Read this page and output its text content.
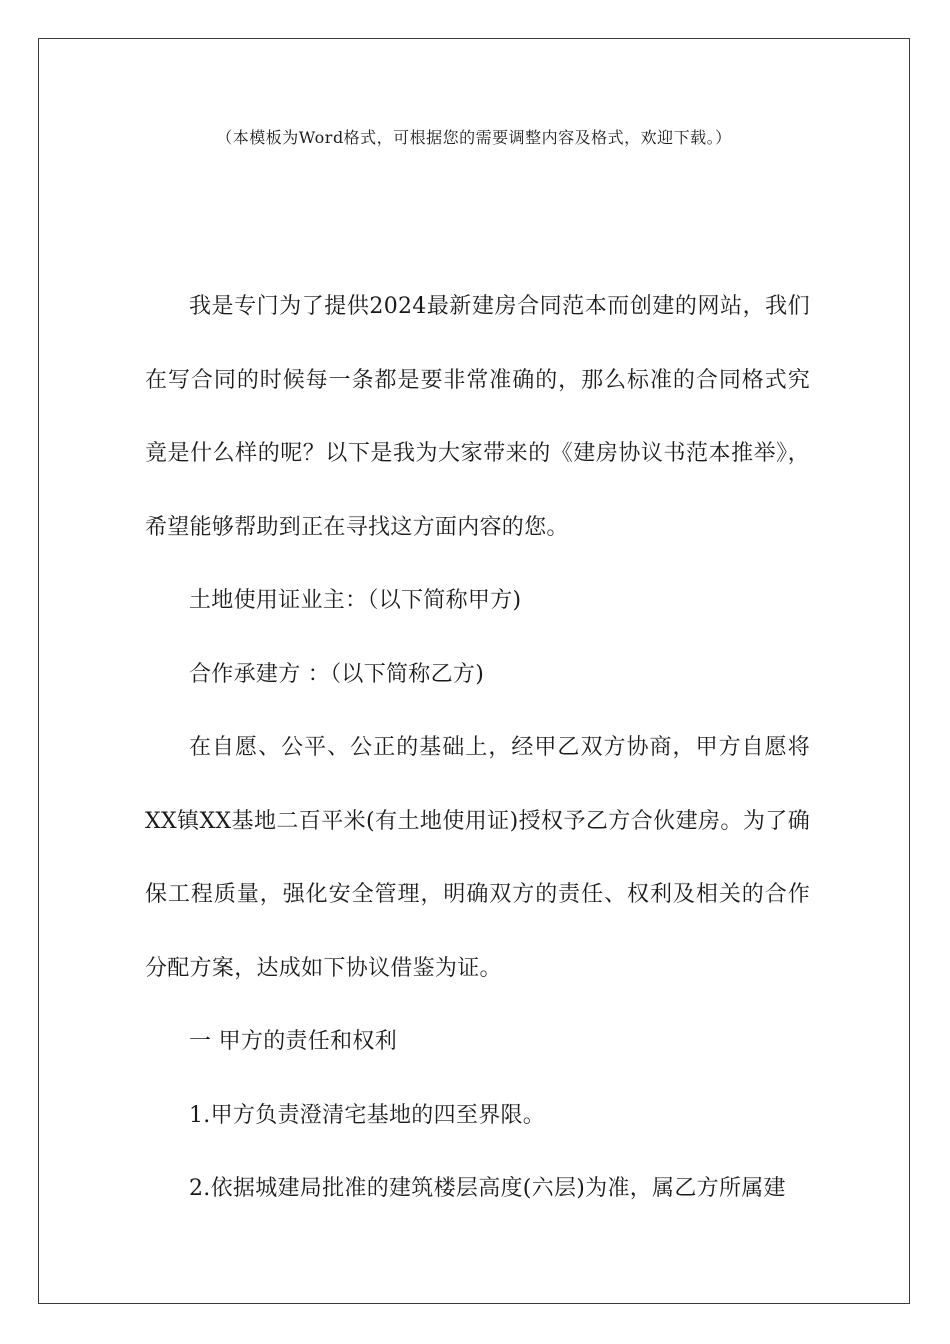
（本模板为Word格式，可根据您的需要调整内容及格式，欢迎下载。）

我是专门为了提供2024最新建房合同范本而创建的网站，我们在写合同的时候每一条都是要非常准确的，那么标准的合同格式究竟是什么样的呢？以下是我为大家带来的《建房协议书范本推举》，希望能够帮助到正在寻找这方面内容的您。

土地使用证业主：（以下简称甲方)

合作承建方 ：（以下简称乙方)

在自愿、公平、公正的基础上，经甲乙双方协商，甲方自愿将XX镇XX基地二百平米(有土地使用证)授权予乙方合伙建房。为了确保工程质量，强化安全管理，明确双方的责任、权利及相关的合作分配方案，达成如下协议借鉴为证。

一 甲方的责任和权利

1.甲方负责澄清宅基地的四至界限。

2.依据城建局批准的建筑楼层高度(六层)为准，属乙方所属建
